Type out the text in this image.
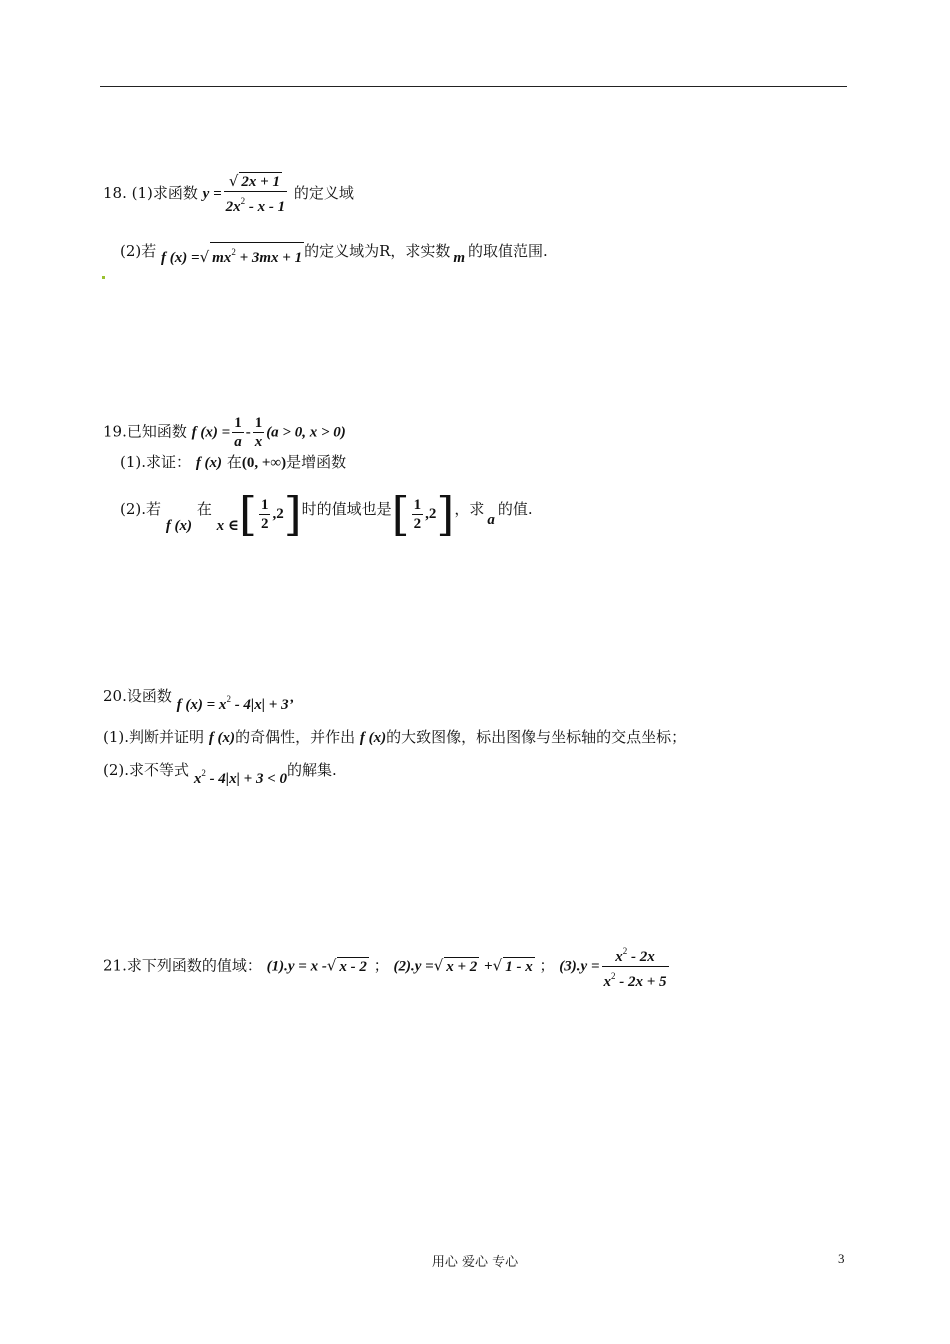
18. (1)求函数 $y = \frac{√ 2x + 1}{2x^2 - x - 1}$ 的定义域
(2)若 f (x) =√ $mx^2 + 3mx + 1$ 的定义域为R，求实数 m 的取值范围.
19.已知函数 f $(x) = \frac{1}{a} - \frac{1}{x} (a > 0$, x > 0)
(1).求证： f (x) 在(0, +∞)是增函数
(2).若 f (x) 在 x ∈[ $\frac{1}{2} ,2$]时的值域也是[ $\frac{1}{2} ,2$]，求a的值.
20.设函数 f $(x) = x^2 - 4|x| + 3$’
(1).判断并证明 f (x)的奇偶性，并作出 f (x)的大致图像，标出图像与坐标轴的交点坐标；
(2).求不等式 $x^2 - 4|x| + 3 < 0$的解集.
21.求下列函数的值域： (1).y = x -√ x - 2 ； (2).y =√ x + 2 +√ 1 - x ； $(3).y = \frac{x^2 - 2x}{x^2 - 2x + 5}$
用心 爱心 专心	3
